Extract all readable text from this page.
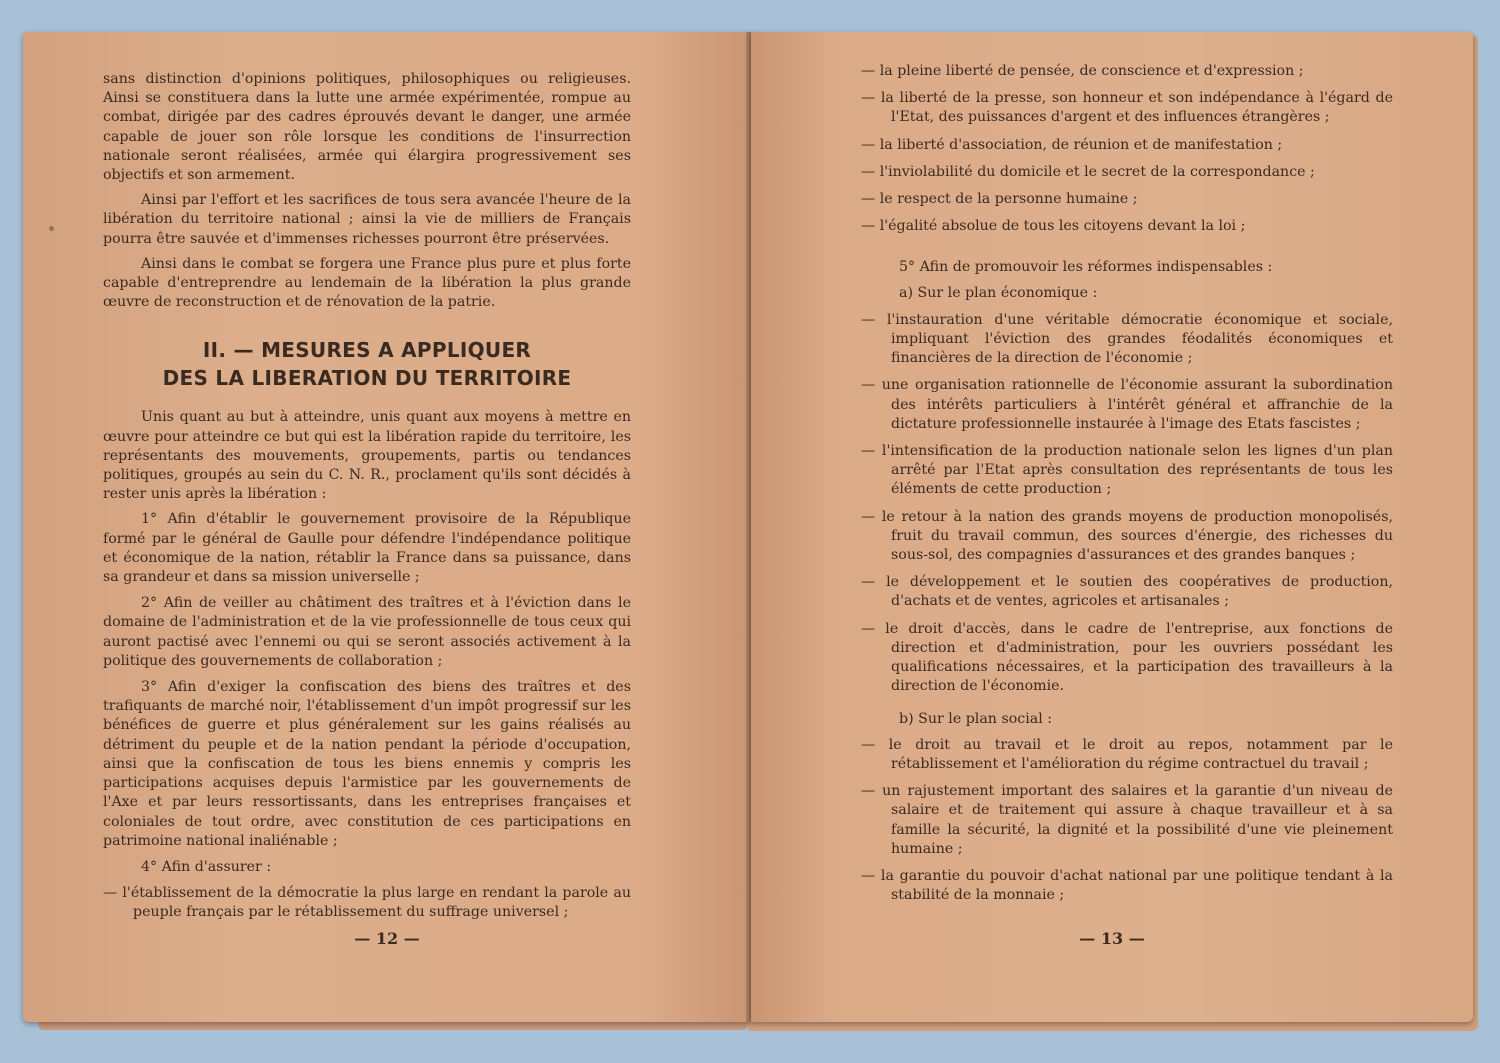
sans distinction d'opinions politiques, philosophiques ou religieuses. Ainsi se constituera dans la lutte une armée expérimentée, rompue au combat, dirigée par des cadres éprouvés devant le danger, une armée capable de jouer son rôle lorsque les conditions de l'insurrection nationale seront réalisées, armée qui élargira progressivement ses objectifs et son armement.

Ainsi par l'effort et les sacrifices de tous sera avancée l'heure de la libération du territoire national ; ainsi la vie de milliers de Français pourra être sauvée et d'immenses richesses pourront être préservées.

Ainsi dans le combat se forgera une France plus pure et plus forte capable d'entreprendre au lendemain de la libération la plus grande œuvre de reconstruction et de rénovation de la patrie.

II. — MESURES A APPLIQUER
DES LA LIBERATION DU TERRITOIRE

Unis quant au but à atteindre, unis quant aux moyens à mettre en œuvre pour atteindre ce but qui est la libération rapide du territoire, les représentants des mouvements, groupements, partis ou tendances politiques, groupés au sein du C. N. R., proclament qu'ils sont décidés à rester unis après la libération :

1° Afin d'établir le gouvernement provisoire de la République formé par le général de Gaulle pour défendre l'indépendance politique et économique de la nation, rétablir la France dans sa puissance, dans sa grandeur et dans sa mission universelle ;

2° Afin de veiller au châtiment des traîtres et à l'éviction dans le domaine de l'administration et de la vie professionnelle de tous ceux qui auront pactisé avec l'ennemi ou qui se seront associés activement à la politique des gouvernements de collaboration ;

3° Afin d'exiger la confiscation des biens des traîtres et des trafiquants de marché noir, l'établissement d'un impôt progressif sur les bénéfices de guerre et plus généralement sur les gains réalisés au détriment du peuple et de la nation pendant la période d'occupation, ainsi que la confiscation de tous les biens ennemis y compris les participations acquises depuis l'armistice par les gouvernements de l'Axe et par leurs ressortissants, dans les entreprises françaises et coloniales de tout ordre, avec constitution de ces participations en patrimoine national inaliénable ;

4° Afin d'assurer :

— l'établissement de la démocratie la plus large en rendant la parole au peuple français par le rétablissement du suffrage universel ;

— 12 —

— la pleine liberté de pensée, de conscience et d'expression ;

— la liberté de la presse, son honneur et son indépendance à l'égard de l'Etat, des puissances d'argent et des influences étrangères ;

— la liberté d'association, de réunion et de manifestation ;

— l'inviolabilité du domicile et le secret de la correspondance ;

— le respect de la personne humaine ;

— l'égalité absolue de tous les citoyens devant la loi ;

5° Afin de promouvoir les réformes indispensables :

a) Sur le plan économique :

— l'instauration d'une véritable démocratie économique et sociale, impliquant l'éviction des grandes féodalités économiques et financières de la direction de l'économie ;

— une organisation rationnelle de l'économie assurant la subordination des intérêts particuliers à l'intérêt général et affranchie de la dictature professionnelle instaurée à l'image des Etats fascistes ;

— l'intensification de la production nationale selon les lignes d'un plan arrêté par l'Etat après consultation des représentants de tous les éléments de cette production ;

— le retour à la nation des grands moyens de production monopolisés, fruit du travail commun, des sources d'énergie, des richesses du sous-sol, des compagnies d'assurances et des grandes banques ;

— le développement et le soutien des coopératives de production, d'achats et de ventes, agricoles et artisanales ;

— le droit d'accès, dans le cadre de l'entreprise, aux fonctions de direction et d'administration, pour les ouvriers possédant les qualifications nécessaires, et la participation des travailleurs à la direction de l'économie.

b) Sur le plan social :

— le droit au travail et le droit au repos, notamment par le rétablissement et l'amélioration du régime contractuel du travail ;

— un rajustement important des salaires et la garantie d'un niveau de salaire et de traitement qui assure à chaque travailleur et à sa famille la sécurité, la dignité et la possibilité d'une vie pleinement humaine ;

— la garantie du pouvoir d'achat national par une politique tendant à la stabilité de la monnaie ;

— 13 —
